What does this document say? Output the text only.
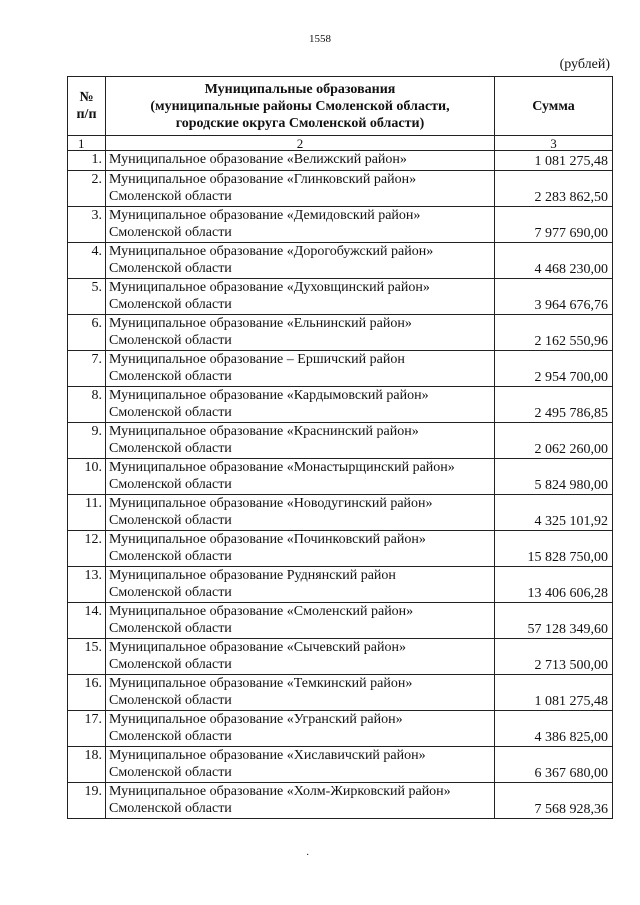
1558
(рублей)
№
п/п	Муниципальные образования
(муниципальные районы Смоленской области,
городские округа Смоленской области)	Сумма
1	2	3
1.	Муниципальное образование «Велижский район»	1 081 275,48
2.	Муниципальное образование «Глинковский район»
Смоленской области	2 283 862,50
3.	Муниципальное образование «Демидовский район»
Смоленской области	7 977 690,00
4.	Муниципальное образование «Дорогобужский район»
Смоленской области	4 468 230,00
5.	Муниципальное образование «Духовщинский район»
Смоленской области	3 964 676,76
6.	Муниципальное образование «Ельнинский район»
Смоленской области	2 162 550,96
7.	Муниципальное образование – Ершичский район
Смоленской области	2 954 700,00
8.	Муниципальное образование «Кардымовский район»
Смоленской области	2 495 786,85
9.	Муниципальное образование «Краснинский район»
Смоленской области	2 062 260,00
10.	Муниципальное образование «Монастырщинский район»
Смоленской области	5 824 980,00
11.	Муниципальное образование «Новодугинский район»
Смоленской области	4 325 101,92
12.	Муниципальное образование «Починковский район»
Смоленской области	15 828 750,00
13.	Муниципальное образование Руднянский район
Смоленской области	13 406 606,28
14.	Муниципальное образование «Смоленский район»
Смоленской области	57 128 349,60
15.	Муниципальное образование «Сычевский район»
Смоленской области	2 713 500,00
16.	Муниципальное образование «Темкинский район»
Смоленской области	1 081 275,48
17.	Муниципальное образование «Угранский район»
Смоленской области	4 386 825,00
18.	Муниципальное образование «Хиславичский район»
Смоленской области	6 367 680,00
19.	Муниципальное образование «Холм-Жирковский район»
Смоленской области	7 568 928,36
·
